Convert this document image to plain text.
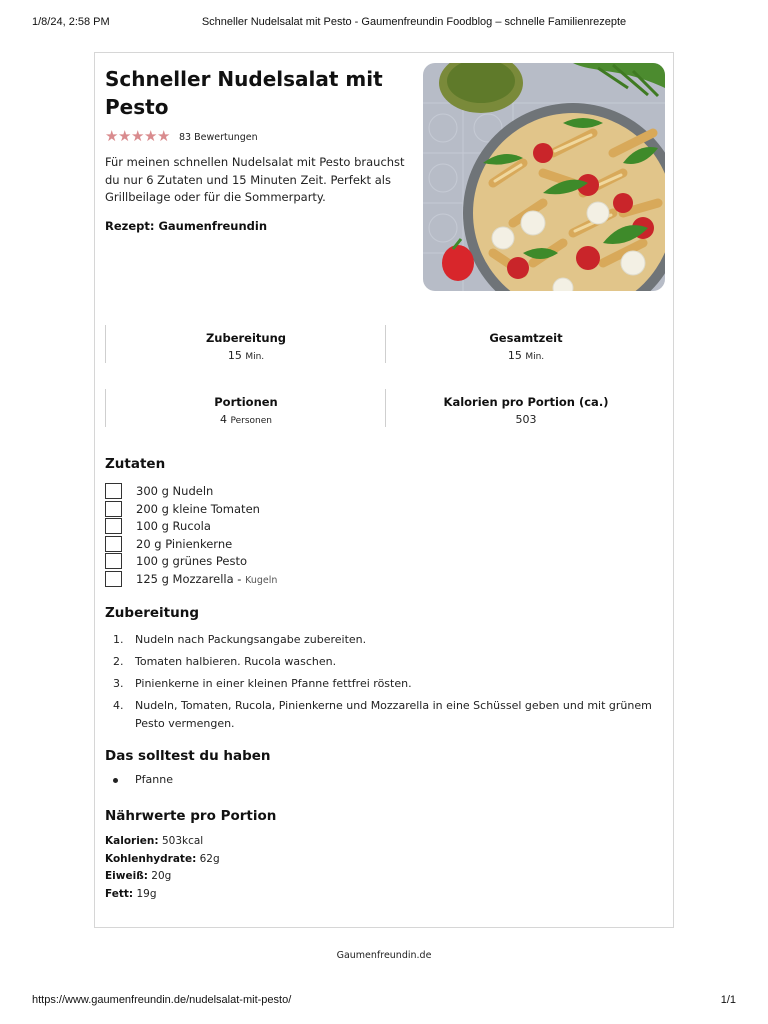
1/8/24, 2:58 PM	Schneller Nudelsalat mit Pesto - Gaumenfreundin Foodblog – schnelle Familienrezepte
Schneller Nudelsalat mit Pesto
★ ★ ★ ★ ★ 83 Bewertungen

Für meinen schnellen Nudelsalat mit Pesto brauchst du nur 6 Zutaten und 15 Minuten Zeit. Perfekt als Grillbeilage oder für die Sommerparty.

Rezept: Gaumenfreundin
Zubereitung
15 Min.
Gesamtzeit
15 Min.
Portionen
4 Personen
Kalorien pro Portion (ca.)
503
Zutaten
300 g Nudeln
200 g kleine Tomaten
100 g Rucola
20 g Pinienkerne
100 g grünes Pesto
125 g Mozzarella - Kugeln
Zubereitung
1. Nudeln nach Packungsangabe zubereiten.
2. Tomaten halbieren. Rucola waschen.
3. Pinienkerne in einer kleinen Pfanne fettfrei rösten.
4. Nudeln, Tomaten, Rucola, Pinienkerne und Mozzarella in eine Schüssel geben und mit grünem Pesto vermengen.
Das solltest du haben
Pfanne
Nährwerte pro Portion
Kalorien: 503kcal
Kohlenhydrate: 62g
Eiweiß: 20g
Fett: 19g
Gaumenfreundin.de
https://www.gaumenfreundin.de/nudelsalat-mit-pesto/	1/1
